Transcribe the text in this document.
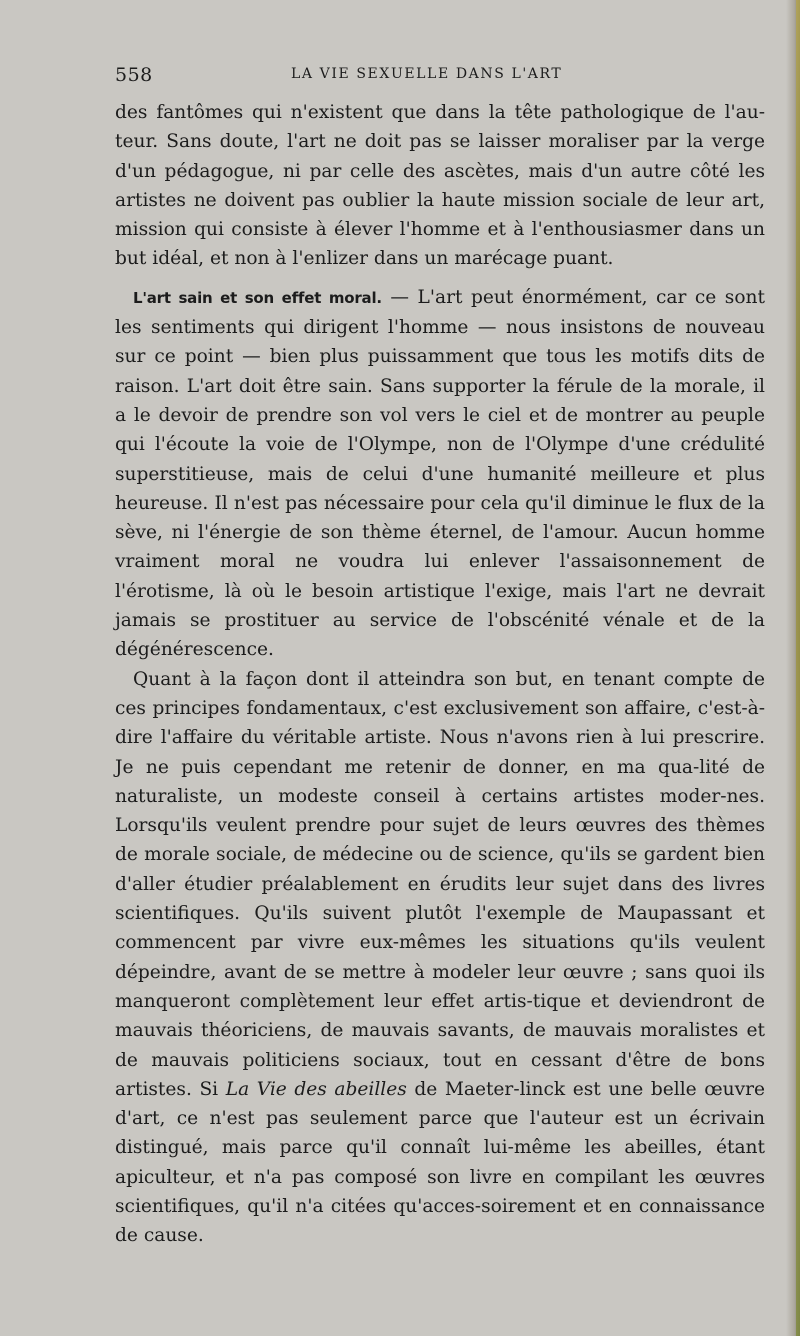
558	LA VIE SEXUELLE DANS L'ART

des fantômes qui n'existent que dans la tête pathologique de l'au-teur. Sans doute, l'art ne doit pas se laisser moraliser par la verge d'un pédagogue, ni par celle des ascètes, mais d'un autre côté les artistes ne doivent pas oublier la haute mission sociale de leur art, mission qui consiste à élever l'homme et à l'enthousiasmer dans un but idéal, et non à l'enlizer dans un marécage puant.

L'art sain et son effet moral. — L'art peut énormément, car ce sont les sentiments qui dirigent l'homme — nous insistons de nouveau sur ce point — bien plus puissamment que tous les motifs dits de raison. L'art doit être sain. Sans supporter la férule de la morale, il a le devoir de prendre son vol vers le ciel et de montrer au peuple qui l'écoute la voie de l'Olympe, non de l'Olympe d'une crédulité superstitieuse, mais de celui d'une humanité meilleure et plus heureuse. Il n'est pas nécessaire pour cela qu'il diminue le flux de la sève, ni l'énergie de son thème éternel, de l'amour. Aucun homme vraiment moral ne voudra lui enlever l'assaisonnement de l'érotisme, là où le besoin artistique l'exige, mais l'art ne devrait jamais se prostituer au service de l'obscénité vénale et de la dégénérescence.

Quant à la façon dont il atteindra son but, en tenant compte de ces principes fondamentaux, c'est exclusivement son affaire, c'est-à-dire l'affaire du véritable artiste. Nous n'avons rien à lui prescrire. Je ne puis cependant me retenir de donner, en ma qua-lité de naturaliste, un modeste conseil à certains artistes moder-nes. Lorsqu'ils veulent prendre pour sujet de leurs œuvres des thèmes de morale sociale, de médecine ou de science, qu'ils se gardent bien d'aller étudier préalablement en érudits leur sujet dans des livres scientifiques. Qu'ils suivent plutôt l'exemple de Maupassant et commencent par vivre eux-mêmes les situations qu'ils veulent dépeindre, avant de se mettre à modeler leur œuvre ; sans quoi ils manqueront complètement leur effet artis-tique et deviendront de mauvais théoriciens, de mauvais savants, de mauvais moralistes et de mauvais politiciens sociaux, tout en cessant d'être de bons artistes. Si La Vie des abeilles de Maeter-linck est une belle œuvre d'art, ce n'est pas seulement parce que l'auteur est un écrivain distingué, mais parce qu'il connaît lui-même les abeilles, étant apiculteur, et n'a pas composé son livre en compilant les œuvres scientifiques, qu'il n'a citées qu'acces-soirement et en connaissance de cause.
